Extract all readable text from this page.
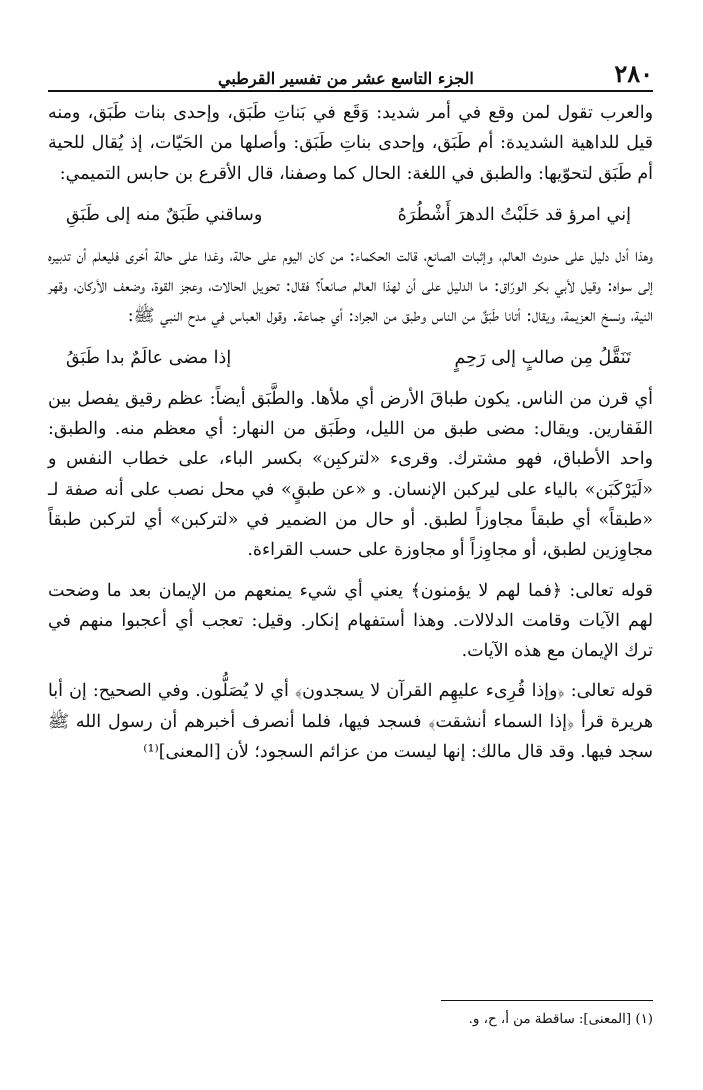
٢٨٠
الجزء التاسع عشر من تفسير القرطبي

والعرب تقول لمن وقع في أمر شديد: وَقَع في بَناتِ طَبَق، وإحدى بنات طَبَق، ومنه قيل للداهية الشديدة: أم طَبَق، وإحدى بناتِ طَبَق: وأصلها من الحَيّات، إذ يُقال للحية أم طَبَق لتحوّيها: والطبق في اللغة: الحال كما وصفنا، قال الأقرع بن حابس التميمي:

إني امرؤ قد حَلَبْتُ الدهرَ أَشْطُرَهُ
وساقني طَبَقٌ منه إلى طَبَقِ

وهذا أدل دليل على حدوث العالم، وإثبات الصانع، قالت الحكماء: من كان اليوم على حالة، وغدا على حالة أخرى فليعلم أن تدبيره إلى سواه: وقيل لأبي بكر الورّاق: ما الدليل على أن لهذا العالم صانعاً؟ فقال: تحويل الحالات، وعجز القوة، وضعف الأركان، وقهر النية، ونسخ العزيمة، ويقال: أتانا طَبَقٌ من الناس وطبق من الجراد: أي جماعة. وقول العباس في مدح النبي ﷺ:

تَنَقَّلُ مِن صالبٍ إلى رَحِمٍ
إذا مضى عالَمٌ بدا طَبَقُ

أي قرن من الناس. يكون طباقَ الأرض أي ملأها. والطَّبَق أيضاً: عظم رقيق يفصل بين الفَقارين. ويقال: مضى طبق من الليل، وطَبَق من النهار: أي معظم منه. والطبق: واحد الأطباق، فهو مشترك. وقرىء «لتركبِن» بكسر الباء، على خطاب النفس و «لَيَرْكَبَن» بالياء على ليركبن الإنسان. و «عن طبقٍ» في محل نصب على أنه صفة لـ «طبقاً» أي طبقاً مجاوزاً لطبق. أو حال من الضمير في «لتركبن» أي لتركبن طبقاً مجاوِزين لطبق، أو مجاوِزاً أو مجاوزة على حسب القراءة.

قوله تعالى: ﴿فما لهم لا يؤمنون﴾ يعني أي شيء يمنعهم من الإيمان بعد ما وضحت لهم الآيات وقامت الدلالات. وهذا أستفهام إنكار. وقيل: تعجب أي أعجبوا منهم في ترك الإيمان مع هذه الآيات.

قوله تعالى: ﴿وإذا قُرِىء عليهِم القرآن لا يسجدون﴾ أي لا يُصَلُّون. وفي الصحيح: إن أبا هريرة قرأ ﴿إذا السماء أنشقت﴾ فسجد فيها، فلما أنصرف أخبرهم أن رسول الله ﷺ سجد فيها. وقد قال مالك: إنها ليست من عزائم السجود؛ لأن [المعنى]⁽¹⁾

(١) [المعنى]: ساقطة من أ، ح، و.
